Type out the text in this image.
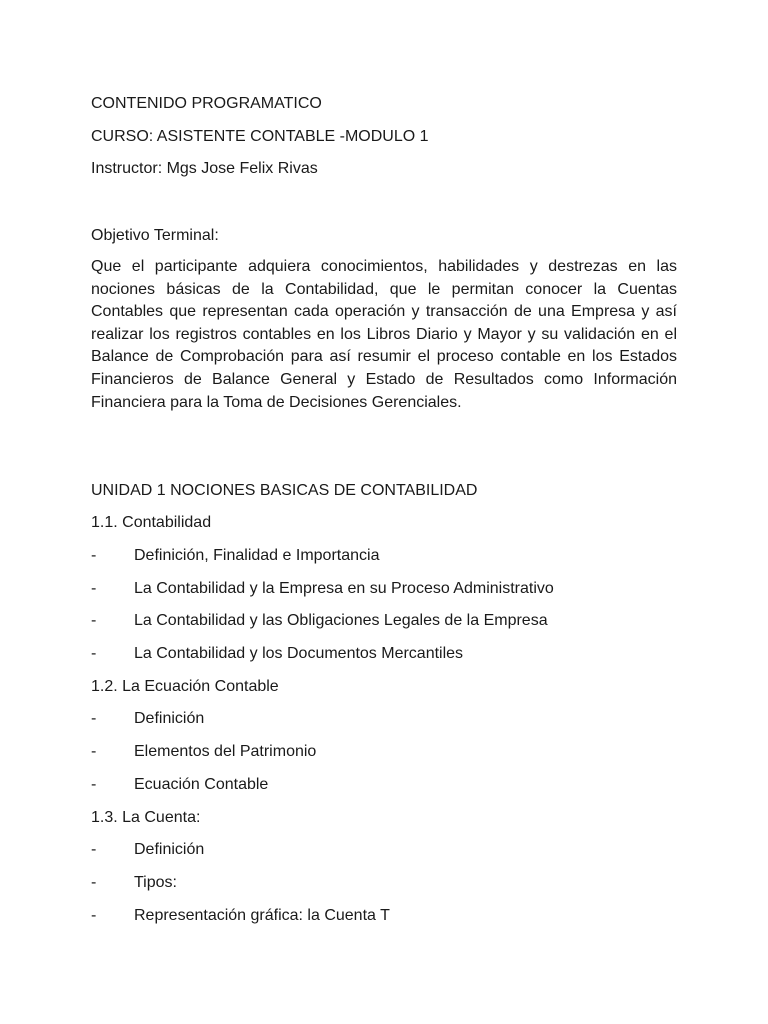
CONTENIDO PROGRAMATICO
CURSO: ASISTENTE CONTABLE -MODULO 1
Instructor: Mgs Jose Felix Rivas
Objetivo Terminal:
Que el participante adquiera conocimientos, habilidades y destrezas en las nociones básicas de la Contabilidad, que le permitan conocer la Cuentas Contables que representan cada operación y transacción de una Empresa y así realizar los registros contables en los Libros Diario y Mayor y su validación en el Balance de Comprobación para así resumir el proceso contable en los Estados Financieros de Balance General y Estado de Resultados como Información Financiera para la Toma de Decisiones Gerenciales.
UNIDAD 1 NOCIONES BASICAS DE CONTABILIDAD
1.1. Contabilidad
- Definición, Finalidad e Importancia
- La Contabilidad y la Empresa en su Proceso Administrativo
- La Contabilidad y las Obligaciones Legales de la Empresa
- La Contabilidad y los Documentos Mercantiles
1.2. La Ecuación Contable
- Definición
- Elementos del Patrimonio
- Ecuación Contable
1.3. La Cuenta:
- Definición
- Tipos:
- Representación gráfica: la Cuenta T
